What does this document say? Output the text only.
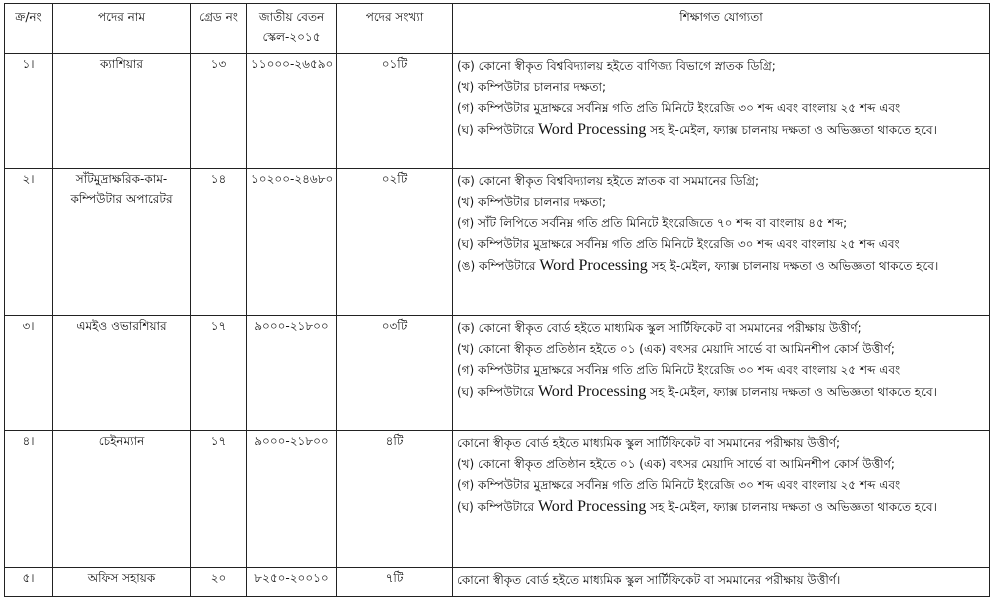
ক্র/নং	পদের নাম	গ্রেড নং	জাতীয় বেতন স্কেল-২০১৫	পদের সংখ্যা	শিক্ষাগত যোগ্যতা
১।	ক্যাশিয়ার	১৩	১১০০০-২৬৫৯০	০১টি	(ক) কোনো স্বীকৃত বিশ্ববিদ্যালয় হইতে বাণিজ্য বিভাগে স্নাতক ডিগ্রি;
(খ) কম্পিউটার চালনার দক্ষতা;
(গ) কম্পিউটার মুদ্রাক্ষরে সর্বনিম্ন গতি প্রতি মিনিটে ইংরেজি ৩০ শব্দ এবং বাংলায় ২৫ শব্দ এবং
(ঘ) কম্পিউটারে Word Processing সহ ই-মেইল, ফ্যাক্স চালনায় দক্ষতা ও অভিজ্ঞতা থাকতে হবে।

২।	সাঁটমুদ্রাক্ষরিক-কাম-কম্পিউটার অপারেটর	১৪	১০২০০-২৪৬৮০	০২টি	(ক) কোনো স্বীকৃত বিশ্ববিদ্যালয় হইতে স্নাতক বা সমমানের ডিগ্রি;
(খ) কম্পিউটার চালনার দক্ষতা;
(গ) সাঁট লিপিতে সর্বনিম্ন গতি প্রতি মিনিটে ইংরেজিতে ৭০ শব্দ বা বাংলায় ৪৫ শব্দ;
(ঘ) কম্পিউটার মুদ্রাক্ষরে সর্বনিম্ন গতি প্রতি মিনিটে ইংরেজি ৩০ শব্দ এবং বাংলায় ২৫ শব্দ এবং
(ঙ) কম্পিউটারে Word Processing সহ ই-মেইল, ফ্যাক্স চালনায় দক্ষতা ও অভিজ্ঞতা থাকতে হবে।

৩।	এমইও ওভারশিয়ার	১৭	৯০০০-২১৮০০	০৩টি	(ক) কোনো স্বীকৃত বোর্ড হইতে মাধ্যমিক স্কুল সার্টিফিকেট বা সমমানের পরীক্ষায় উত্তীর্ণ;
(খ) কোনো স্বীকৃত প্রতিষ্ঠান হইতে ০১ (এক) বৎসর মেয়াদি সার্ভে বা আমিনশীপ কোর্স উত্তীর্ণ;
(গ) কম্পিউটার মুদ্রাক্ষরে সর্বনিম্ন গতি প্রতি মিনিটে ইংরেজি ৩০ শব্দ এবং বাংলায় ২৫ শব্দ এবং
(ঘ) কম্পিউটারে Word Processing সহ ই-মেইল, ফ্যাক্স চালনায় দক্ষতা ও অভিজ্ঞতা থাকতে হবে।

৪।	চেইনম্যান	১৭	৯০০০-২১৮০০	৪টি	কোনো স্বীকৃত বোর্ড হইতে মাধ্যমিক স্কুল সার্টিফিকেট বা সমমানের পরীক্ষায় উত্তীর্ণ;
(খ) কোনো স্বীকৃত প্রতিষ্ঠান হইতে ০১ (এক) বৎসর মেয়াদি সার্ভে বা আমিনশীপ কোর্স উত্তীর্ণ;
(গ) কম্পিউটার মুদ্রাক্ষরে সর্বনিম্ন গতি প্রতি মিনিটে ইংরেজি ৩০ শব্দ এবং বাংলায় ২৫ শব্দ এবং
(ঘ) কম্পিউটারে Word Processing সহ ই-মেইল, ফ্যাক্স চালনায় দক্ষতা ও অভিজ্ঞতা থাকতে হবে।

৫।	অফিস সহায়ক	২০	৮২৫০-২০০১০	৭টি	কোনো স্বীকৃত বোর্ড হইতে মাধ্যমিক স্কুল সার্টিফিকেট বা সমমানের পরীক্ষায় উত্তীর্ণ।
